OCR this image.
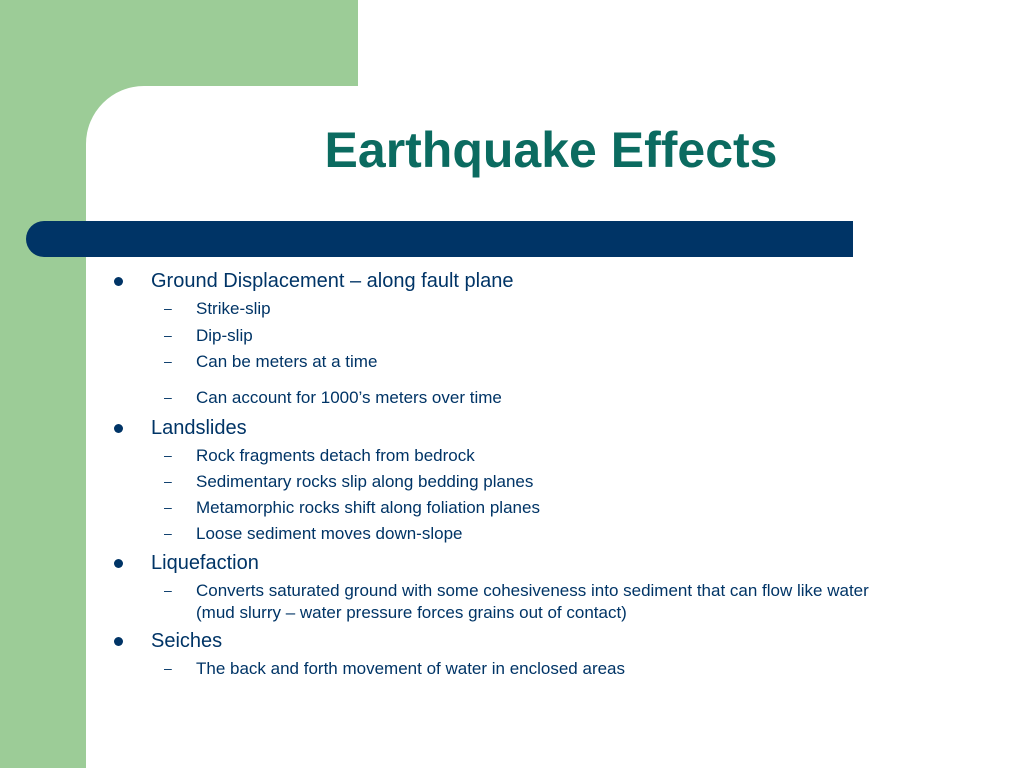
Earthquake Effects
Ground Displacement – along fault plane
– Strike-slip
– Dip-slip
– Can be meters at a time
– Can account for 1000’s meters over time
Landslides
– Rock fragments detach from bedrock
– Sedimentary rocks slip along bedding planes
– Metamorphic rocks shift along foliation planes
– Loose sediment moves down-slope
Liquefaction
– Converts saturated ground with some cohesiveness into sediment that can flow like water
(mud slurry – water pressure forces grains out of contact)
Seiches
– The back and forth movement of water in enclosed areas
